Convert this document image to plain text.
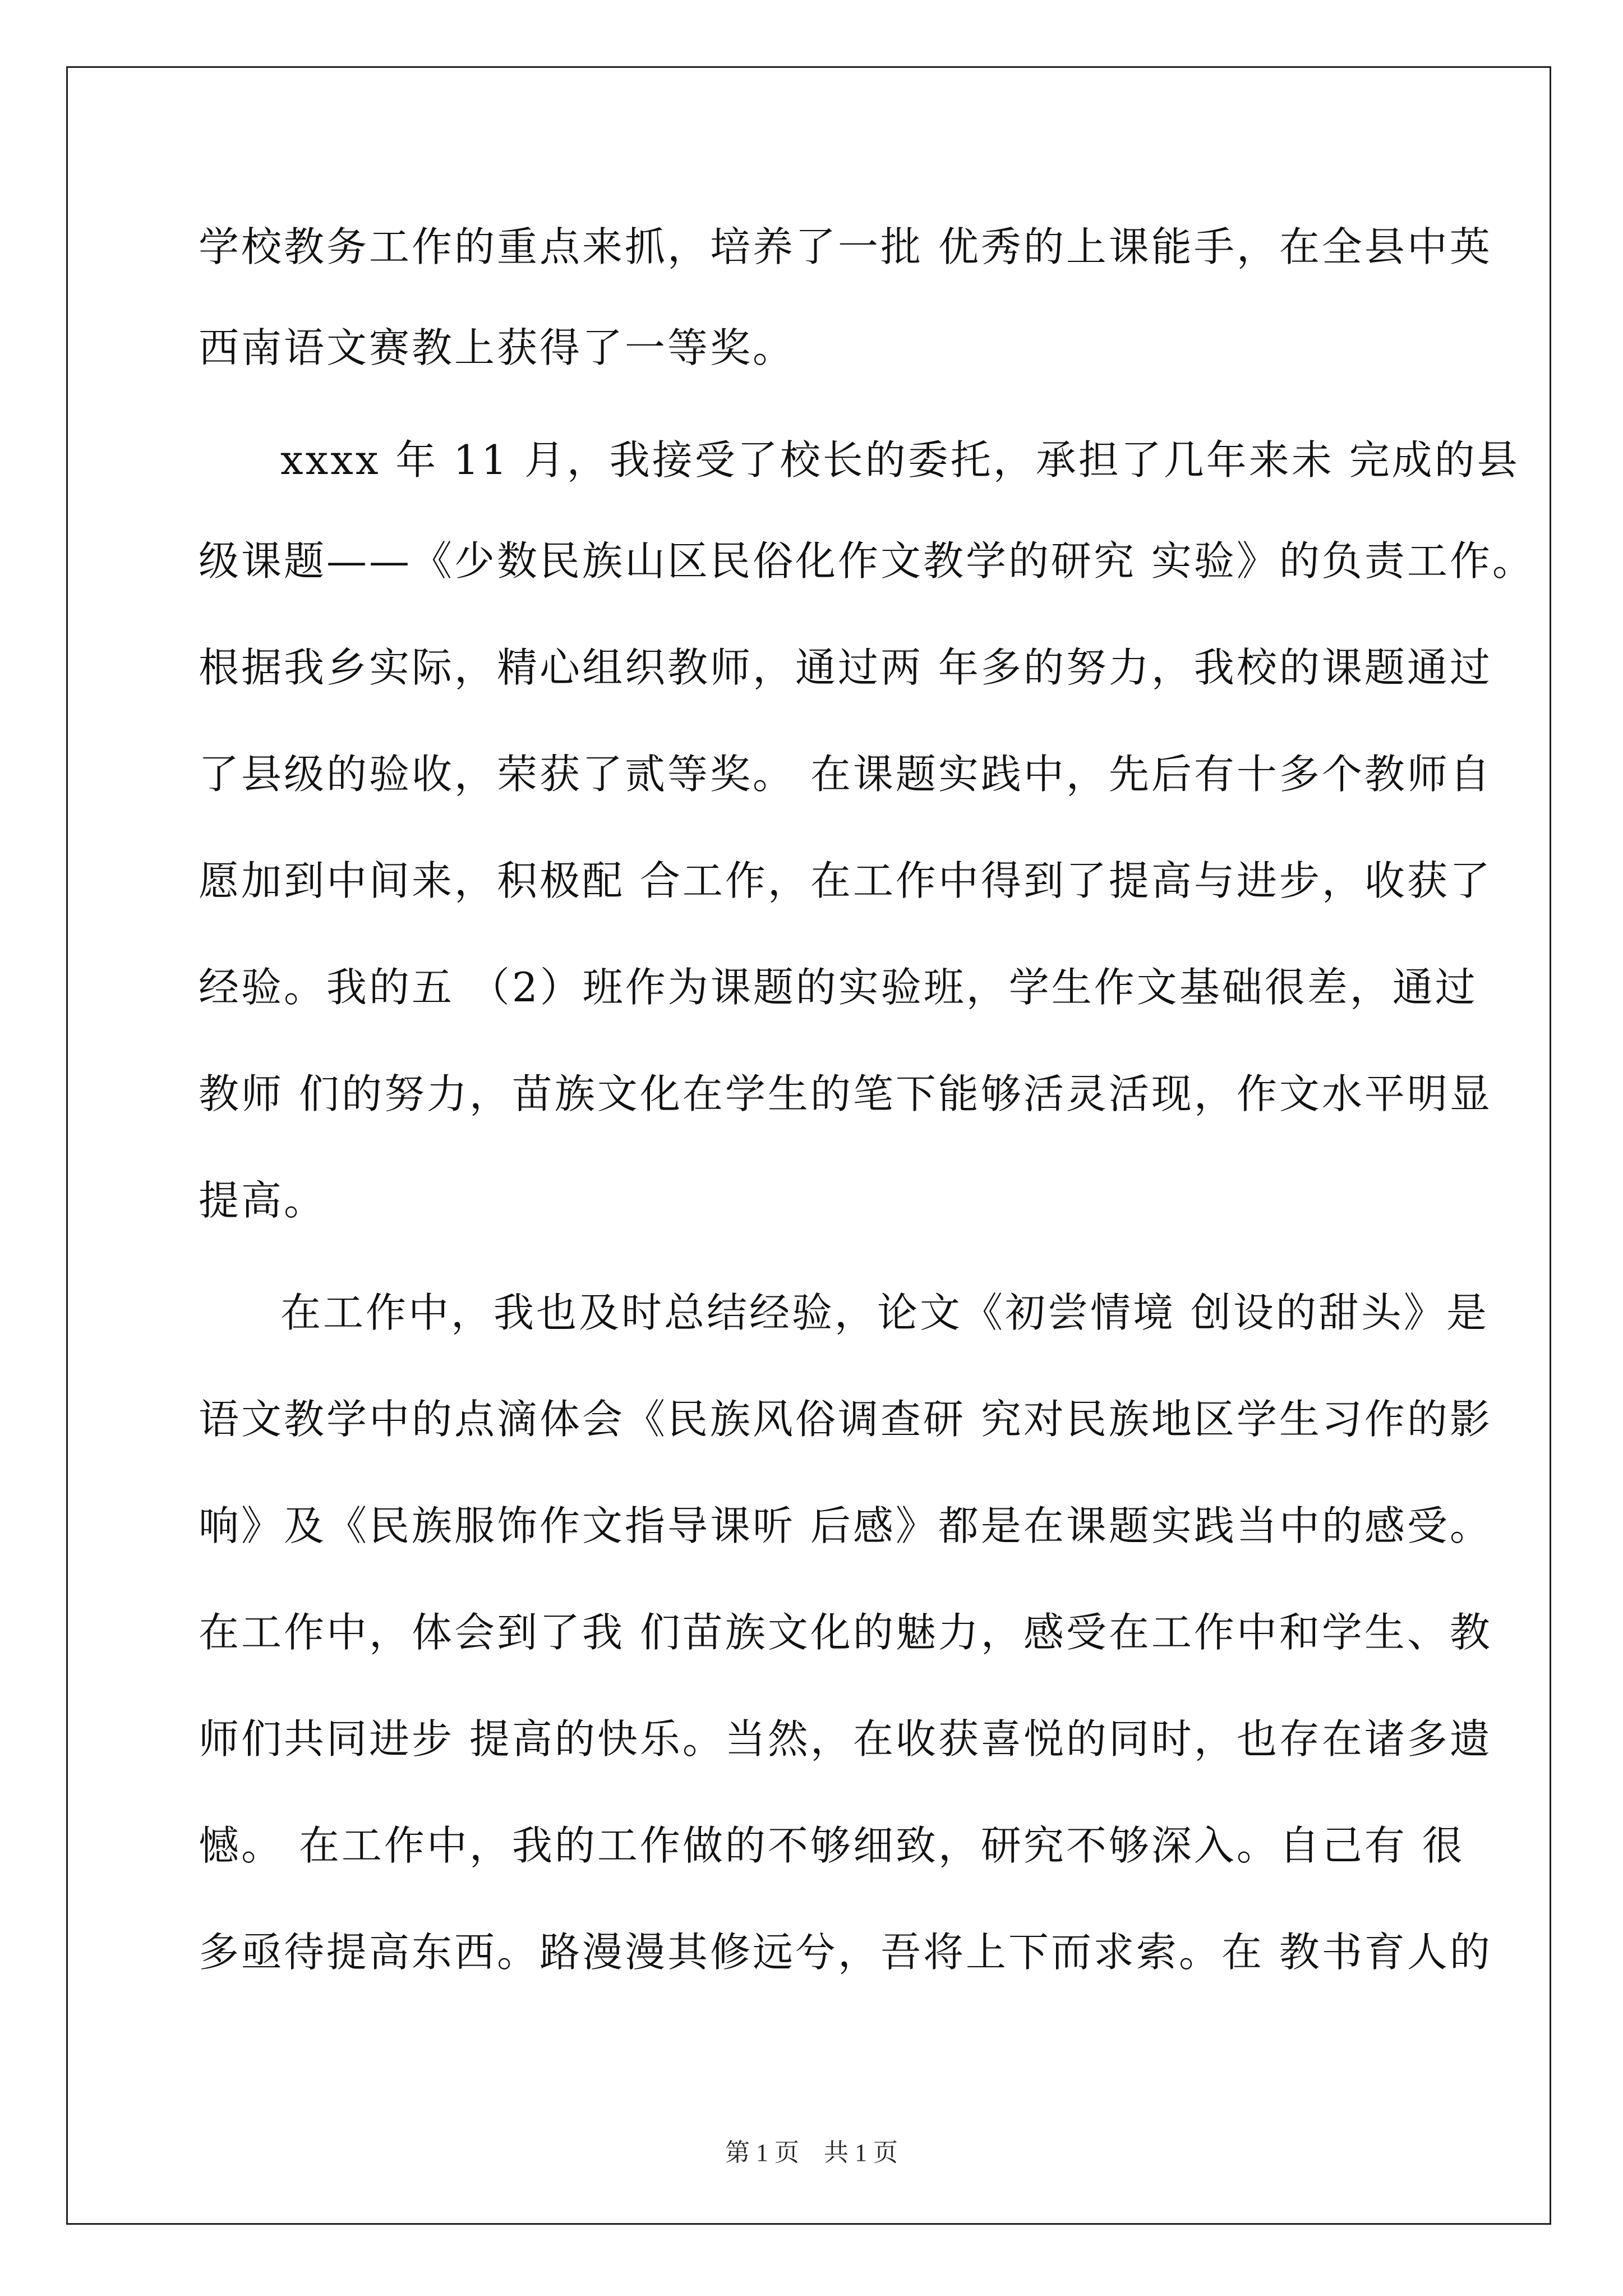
学校教务工作的重点来抓，培养了一批 优秀的上课能手，在全县中英
西南语文赛教上获得了一等奖。
xxxx 年 11 月，我接受了校长的委托，承担了几年来未 完成的县
级课题——《少数民族山区民俗化作文教学的研究 实验》的负责工作。
根据我乡实际，精心组织教师，通过两 年多的努力，我校的课题通过
了县级的验收，荣获了贰等奖。 在课题实践中，先后有十多个教师自
愿加到中间来，积极配 合工作，在工作中得到了提高与进步，收获了
经验。我的五 （2）班作为课题的实验班，学生作文基础很差，通过
教师 们的努力，苗族文化在学生的笔下能够活灵活现，作文水平明显
提高。
在工作中，我也及时总结经验，论文《初尝情境 创设的甜头》是
语文教学中的点滴体会《民族风俗调查研 究对民族地区学生习作的影
响》及《民族服饰作文指导课听 后感》都是在课题实践当中的感受。
在工作中，体会到了我 们苗族文化的魅力，感受在工作中和学生、教
师们共同进步 提高的快乐。当然，在收获喜悦的同时，也存在诸多遗
憾。 在工作中，我的工作做的不够细致，研究不够深入。自己有 很
多亟待提高东西。路漫漫其修远兮，吾将上下而求索。在 教书育人的
第 1 页　共 1 页
